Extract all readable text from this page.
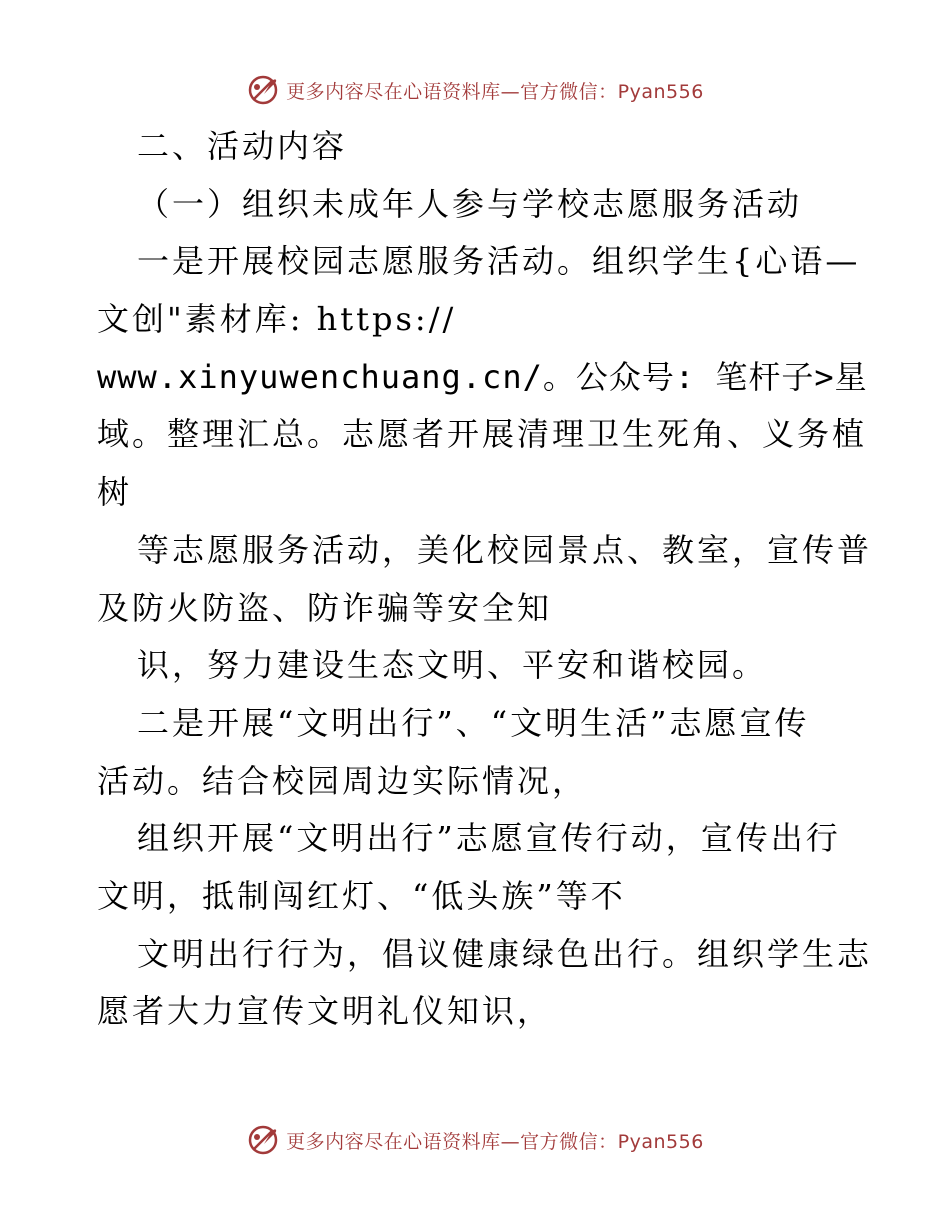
更多内容尽在心语资料库—官方微信：Pyan556
二、活动内容
（一）组织未成年人参与学校志愿服务活动
一是开展校园志愿服务活动。组织学生{心语—
文创"素材库: https://
www.xinyuwenchuang.cn/。公众号: 笔杆子>星
域。整理汇总。志愿者开展清理卫生死角、义务植
树
等志愿服务活动，美化校园景点、教室，宣传普
及防火防盗、防诈骗等安全知
识，努力建设生态文明、平安和谐校园。
二是开展“文明出行”、“文明生活”志愿宣传
活动。结合校园周边实际情况，
组织开展“文明出行”志愿宣传行动，宣传出行
文明，抵制闯红灯、“低头族”等不
文明出行行为，倡议健康绿色出行。组织学生志
愿者大力宣传文明礼仪知识，
更多内容尽在心语资料库—官方微信：Pyan556
